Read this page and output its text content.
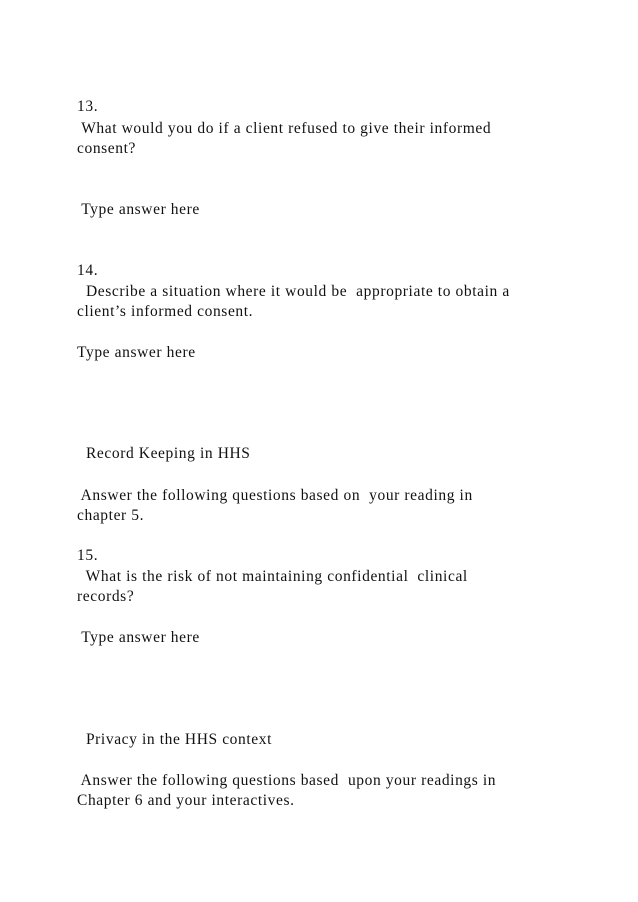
13.
What would you do if a client refused to give their informed
consent?
Type answer here
14.
Describe a situation where it would be  appropriate to obtain a
client’s informed consent.
Type answer here
Record Keeping in HHS
Answer the following questions based on  your reading in
chapter 5.
15.
What is the risk of not maintaining confidential  clinical
records?
Type answer here
Privacy in the HHS context
Answer the following questions based  upon your readings in
Chapter 6 and your interactives.
